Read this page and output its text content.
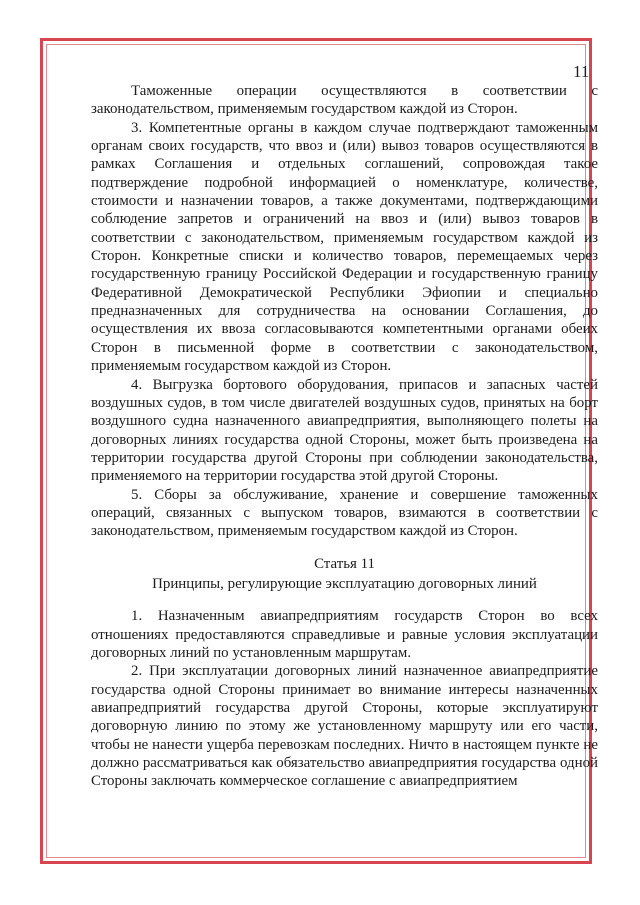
11

Таможенные операции осуществляются в соответствии с законодательством, применяемым государством каждой из Сторон.

3. Компетентные органы в каждом случае подтверждают таможенным органам своих государств, что ввоз и (или) вывоз товаров осуществляются в рамках Соглашения и отдельных соглашений, сопровождая такое подтверждение подробной информацией о номенклатуре, количестве, стоимости и назначении товаров, а также документами, подтверждающими соблюдение запретов и ограничений на ввоз и (или) вывоз товаров в соответствии с законодательством, применяемым государством каждой из Сторон. Конкретные списки и количество товаров, перемещаемых через государственную границу Российской Федерации и государственную границу Федеративной Демократической Республики Эфиопии и специально предназначенных для сотрудничества на основании Соглашения, до осуществления их ввоза согласовываются компетентными органами обеих Сторон в письменной форме в соответствии с законодательством, применяемым государством каждой из Сторон.

4. Выгрузка бортового оборудования, припасов и запасных частей воздушных судов, в том числе двигателей воздушных судов, принятых на борт воздушного судна назначенного авиапредприятия, выполняющего полеты на договорных линиях государства одной Стороны, может быть произведена на территории государства другой Стороны при соблюдении законодательства, применяемого на территории государства этой другой Стороны.

5. Сборы за обслуживание, хранение и совершение таможенных операций, связанных с выпуском товаров, взимаются в соответствии с законодательством, применяемым государством каждой из Сторон.

Статья 11

Принципы, регулирующие эксплуатацию договорных линий

1. Назначенным авиапредприятиям государств Сторон во всех отношениях предоставляются справедливые и равные условия эксплуатации договорных линий по установленным маршрутам.

2. При эксплуатации договорных линий назначенное авиапредприятие государства одной Стороны принимает во внимание интересы назначенных авиапредприятий государства другой Стороны, которые эксплуатируют договорную линию по этому же установленному маршруту или его части, чтобы не нанести ущерба перевозкам последних. Ничто в настоящем пункте не должно рассматриваться как обязательство авиапредприятия государства одной Стороны заключать коммерческое соглашение с авиапредприятием
